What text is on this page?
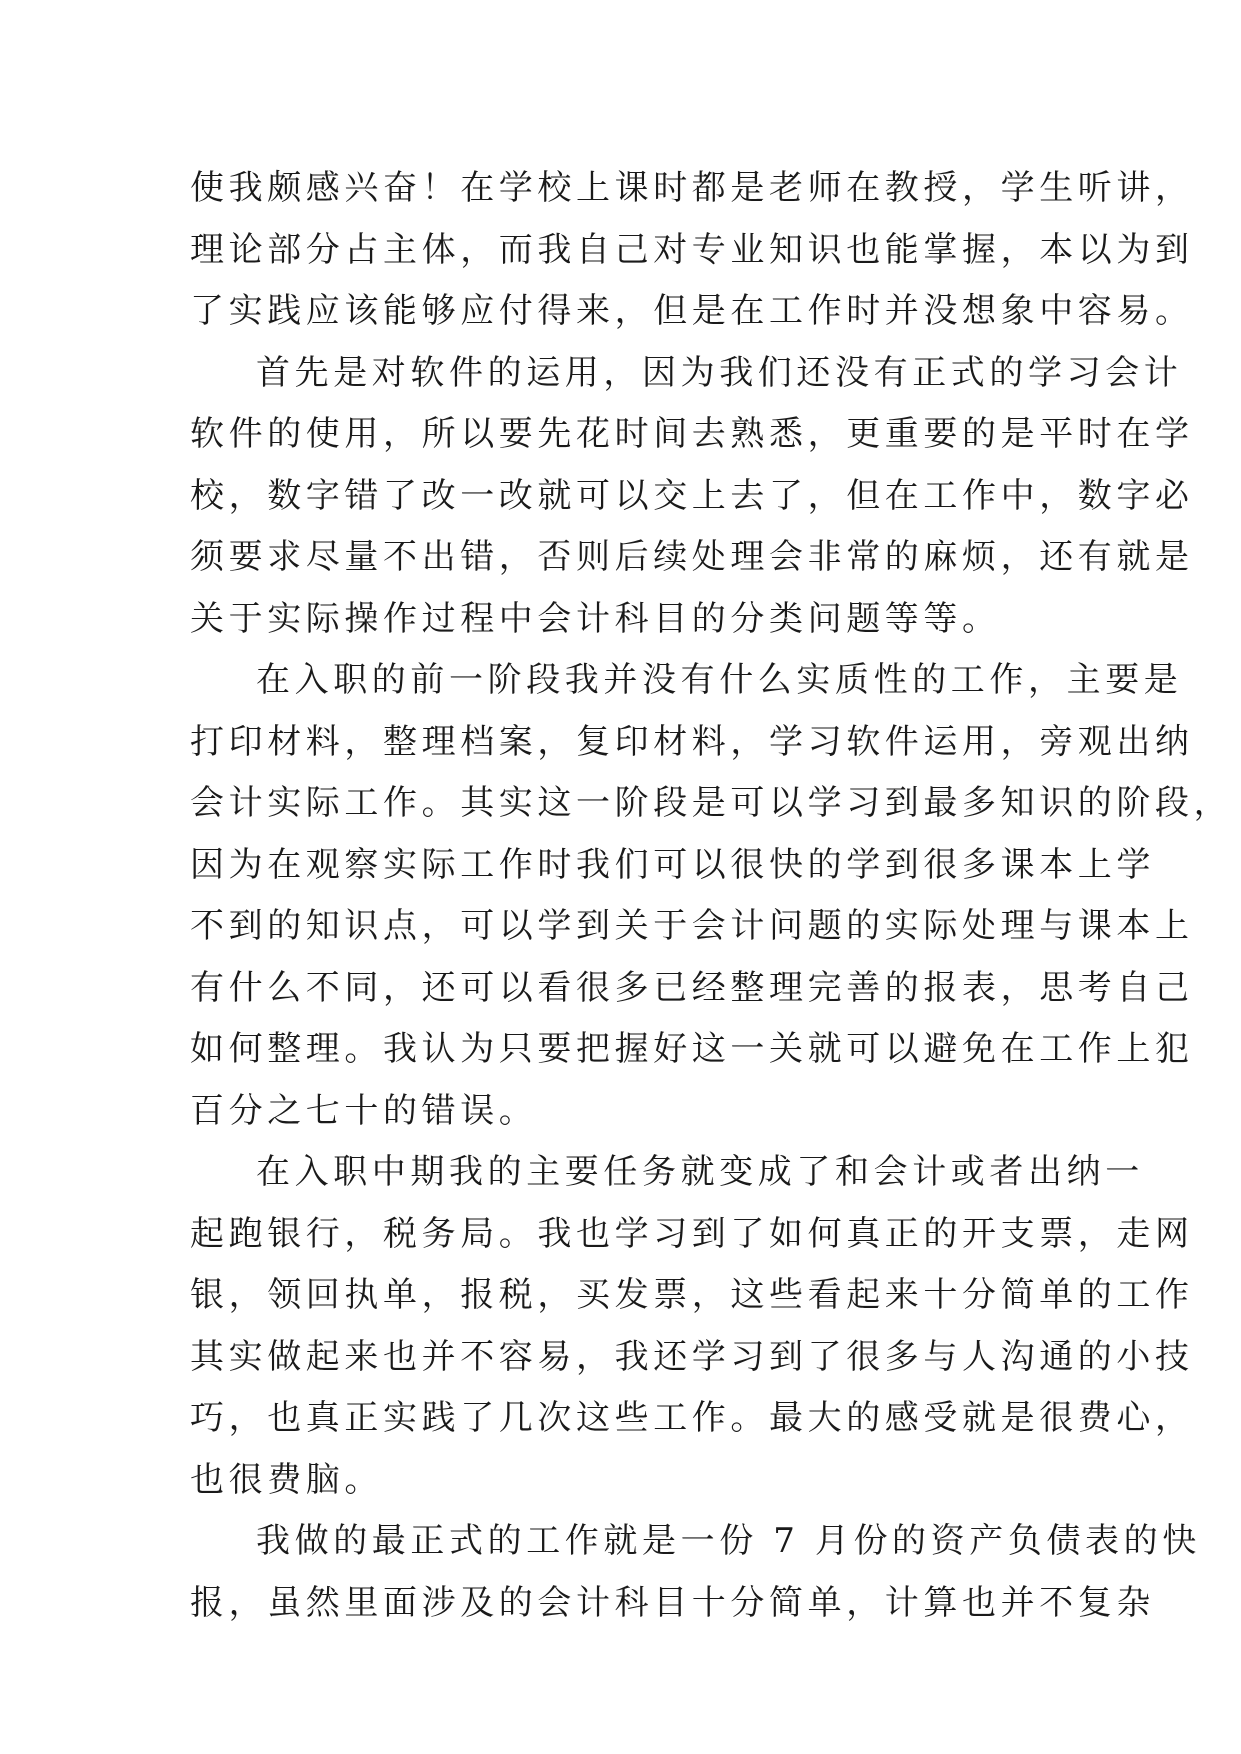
使我颇感兴奋！在学校上课时都是老师在教授，学生听讲，
理论部分占主体，而我自己对专业知识也能掌握，本以为到
了实践应该能够应付得来，但是在工作时并没想象中容易。
首先是对软件的运用，因为我们还没有正式的学习会计
软件的使用，所以要先花时间去熟悉，更重要的是平时在学
校，数字错了改一改就可以交上去了，但在工作中，数字必
须要求尽量不出错，否则后续处理会非常的麻烦，还有就是
关于实际操作过程中会计科目的分类问题等等。
在入职的前一阶段我并没有什么实质性的工作，主要是
打印材料，整理档案，复印材料，学习软件运用，旁观出纳
会计实际工作。其实这一阶段是可以学习到最多知识的阶段，
因为在观察实际工作时我们可以很快的学到很多课本上学
不到的知识点，可以学到关于会计问题的实际处理与课本上
有什么不同，还可以看很多已经整理完善的报表，思考自己
如何整理。我认为只要把握好这一关就可以避免在工作上犯
百分之七十的错误。
在入职中期我的主要任务就变成了和会计或者出纳一
起跑银行，税务局。我也学习到了如何真正的开支票，走网
银，领回执单，报税，买发票，这些看起来十分简单的工作
其实做起来也并不容易，我还学习到了很多与人沟通的小技
巧，也真正实践了几次这些工作。最大的感受就是很费心，
也很费脑。
我做的最正式的工作就是一份 7 月份的资产负债表的快
报，虽然里面涉及的会计科目十分简单，计算也并不复杂
